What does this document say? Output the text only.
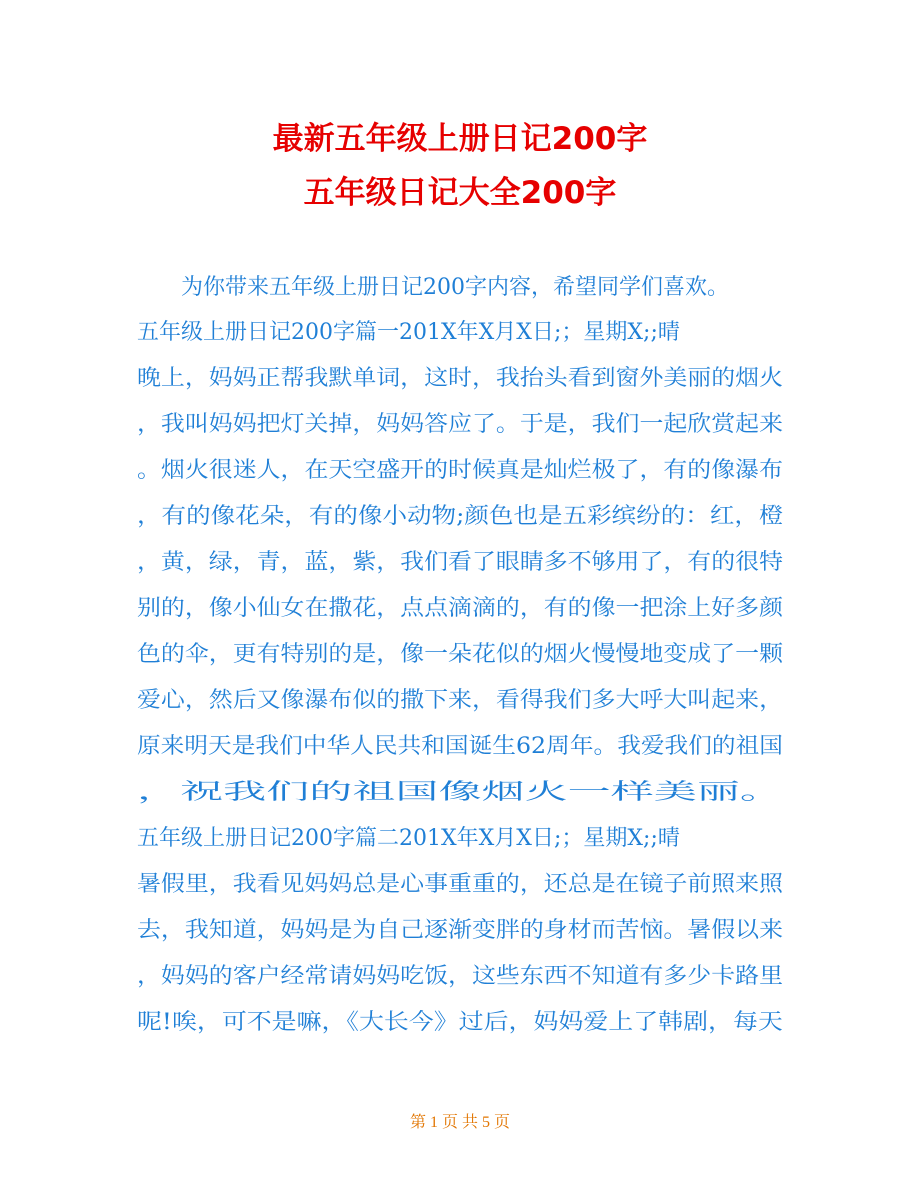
最新五年级上册日记200字
五年级日记大全200字
为你带来五年级上册日记200字内容，希望同学们喜欢。
五年级上册日记200字篇一201X年X月X日;；星期X;;晴
晚上，妈妈正帮我默单词，这时，我抬头看到窗外美丽的烟火
，我叫妈妈把灯关掉，妈妈答应了。于是，我们一起欣赏起来
。烟火很迷人，在天空盛开的时候真是灿烂极了，有的像瀑布
，有的像花朵，有的像小动物;颜色也是五彩缤纷的：红，橙
，黄，绿，青，蓝，紫，我们看了眼睛多不够用了，有的很特
别的，像小仙女在撒花，点点滴滴的，有的像一把涂上好多颜
色的伞，更有特别的是，像一朵花似的烟火慢慢地变成了一颗
爱心，然后又像瀑布似的撒下来，看得我们多大呼大叫起来，
原来明天是我们中华人民共和国诞生62周年。我爱我们的祖国
，祝我们的祖国像烟火一样美丽。
五年级上册日记200字篇二201X年X月X日;；星期X;;晴
暑假里，我看见妈妈总是心事重重的，还总是在镜子前照来照
去，我知道，妈妈是为自己逐渐变胖的身材而苦恼。暑假以来
，妈妈的客户经常请妈妈吃饭，这些东西不知道有多少卡路里
呢!唉，可不是嘛，《大长今》过后，妈妈爱上了韩剧，每天
第 1 页 共 5 页
